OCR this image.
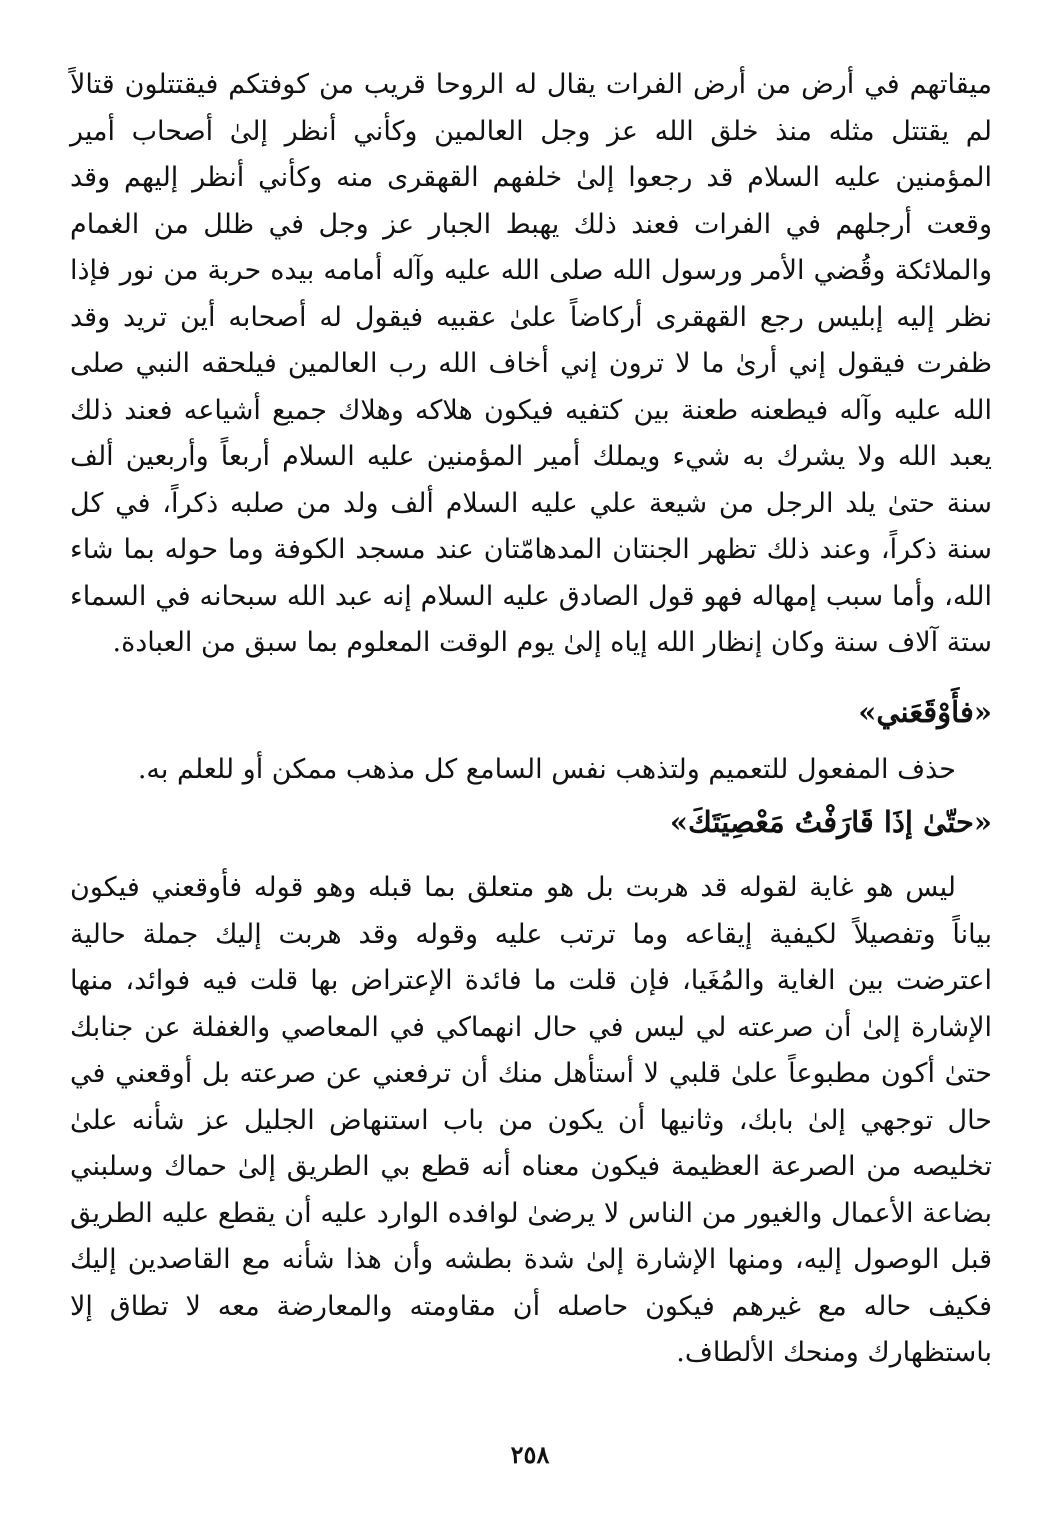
ميقاتهم في أرض من أرض الفرات يقال له الروحا قريب من كوفتكم فيقتتلون قتالاً لم يقتتل مثله منذ خلق الله عز وجل العالمين وكأني أنظر إلىٰ أصحاب أمير المؤمنين عليه السلام قد رجعوا إلىٰ خلفهم القهقرى منه وكأني أنظر إليهم وقد وقعت أرجلهم في الفرات فعند ذلك يهبط الجبار عز وجل في ظلل من الغمام والملائكة وقُضي الأمر ورسول الله صلى الله عليه وآله أمامه بيده حربة من نور فإذا نظر إليه إبليس رجع القهقرى أركاضاً علىٰ عقبيه فيقول له أصحابه أين تريد وقد ظفرت فيقول إني أرىٰ ما لا ترون إني أخاف الله رب العالمين فيلحقه النبي صلى الله عليه وآله فيطعنه طعنة بين كتفيه فيكون هلاكه وهلاك جميع أشياعه فعند ذلك يعبد الله ولا يشرك به شيء ويملك أمير المؤمنين عليه السلام أربعاً وأربعين ألف سنة حتىٰ يلد الرجل من شيعة علي عليه السلام ألف ولد من صلبه ذكراً، في كل سنة ذكراً، وعند ذلك تظهر الجنتان المدهامّتان عند مسجد الكوفة وما حوله بما شاء الله، وأما سبب إمهاله فهو قول الصادق عليه السلام إنه عبد الله سبحانه في السماء ستة آلاف سنة وكان إنظار الله إياه إلىٰ يوم الوقت المعلوم بما سبق من العبادة.

«فأَوْقَعَني»

حذف المفعول للتعميم ولتذهب نفس السامع كل مذهب ممكن أو للعلم به.

«حتّىٰ إذَا قَارَفْتُ مَعْصِيَتَكَ»

ليس هو غاية لقوله قد هربت بل هو متعلق بما قبله وهو قوله فأوقعني فيكون بياناً وتفصيلاً لكيفية إيقاعه وما ترتب عليه وقوله وقد هربت إليك جملة حالية اعترضت بين الغاية والمُغَيا، فإن قلت ما فائدة الإعتراض بها قلت فيه فوائد، منها الإشارة إلىٰ أن صرعته لي ليس في حال انهماكي في المعاصي والغفلة عن جنابك حتىٰ أكون مطبوعاً علىٰ قلبي لا أستأهل منك أن ترفعني عن صرعته بل أوقعني في حال توجهي إلىٰ بابك، وثانيها أن يكون من باب استنهاض الجليل عز شأنه علىٰ تخليصه من الصرعة العظيمة فيكون معناه أنه قطع بي الطريق إلىٰ حماك وسلبني بضاعة الأعمال والغيور من الناس لا يرضىٰ لوافده الوارد عليه أن يقطع عليه الطريق قبل الوصول إليه، ومنها الإشارة إلىٰ شدة بطشه وأن هذا شأنه مع القاصدين إليك فكيف حاله مع غيرهم فيكون حاصله أن مقاومته والمعارضة معه لا تطاق إلا باستظهارك ومنحك الألطاف.

٢٥٨
